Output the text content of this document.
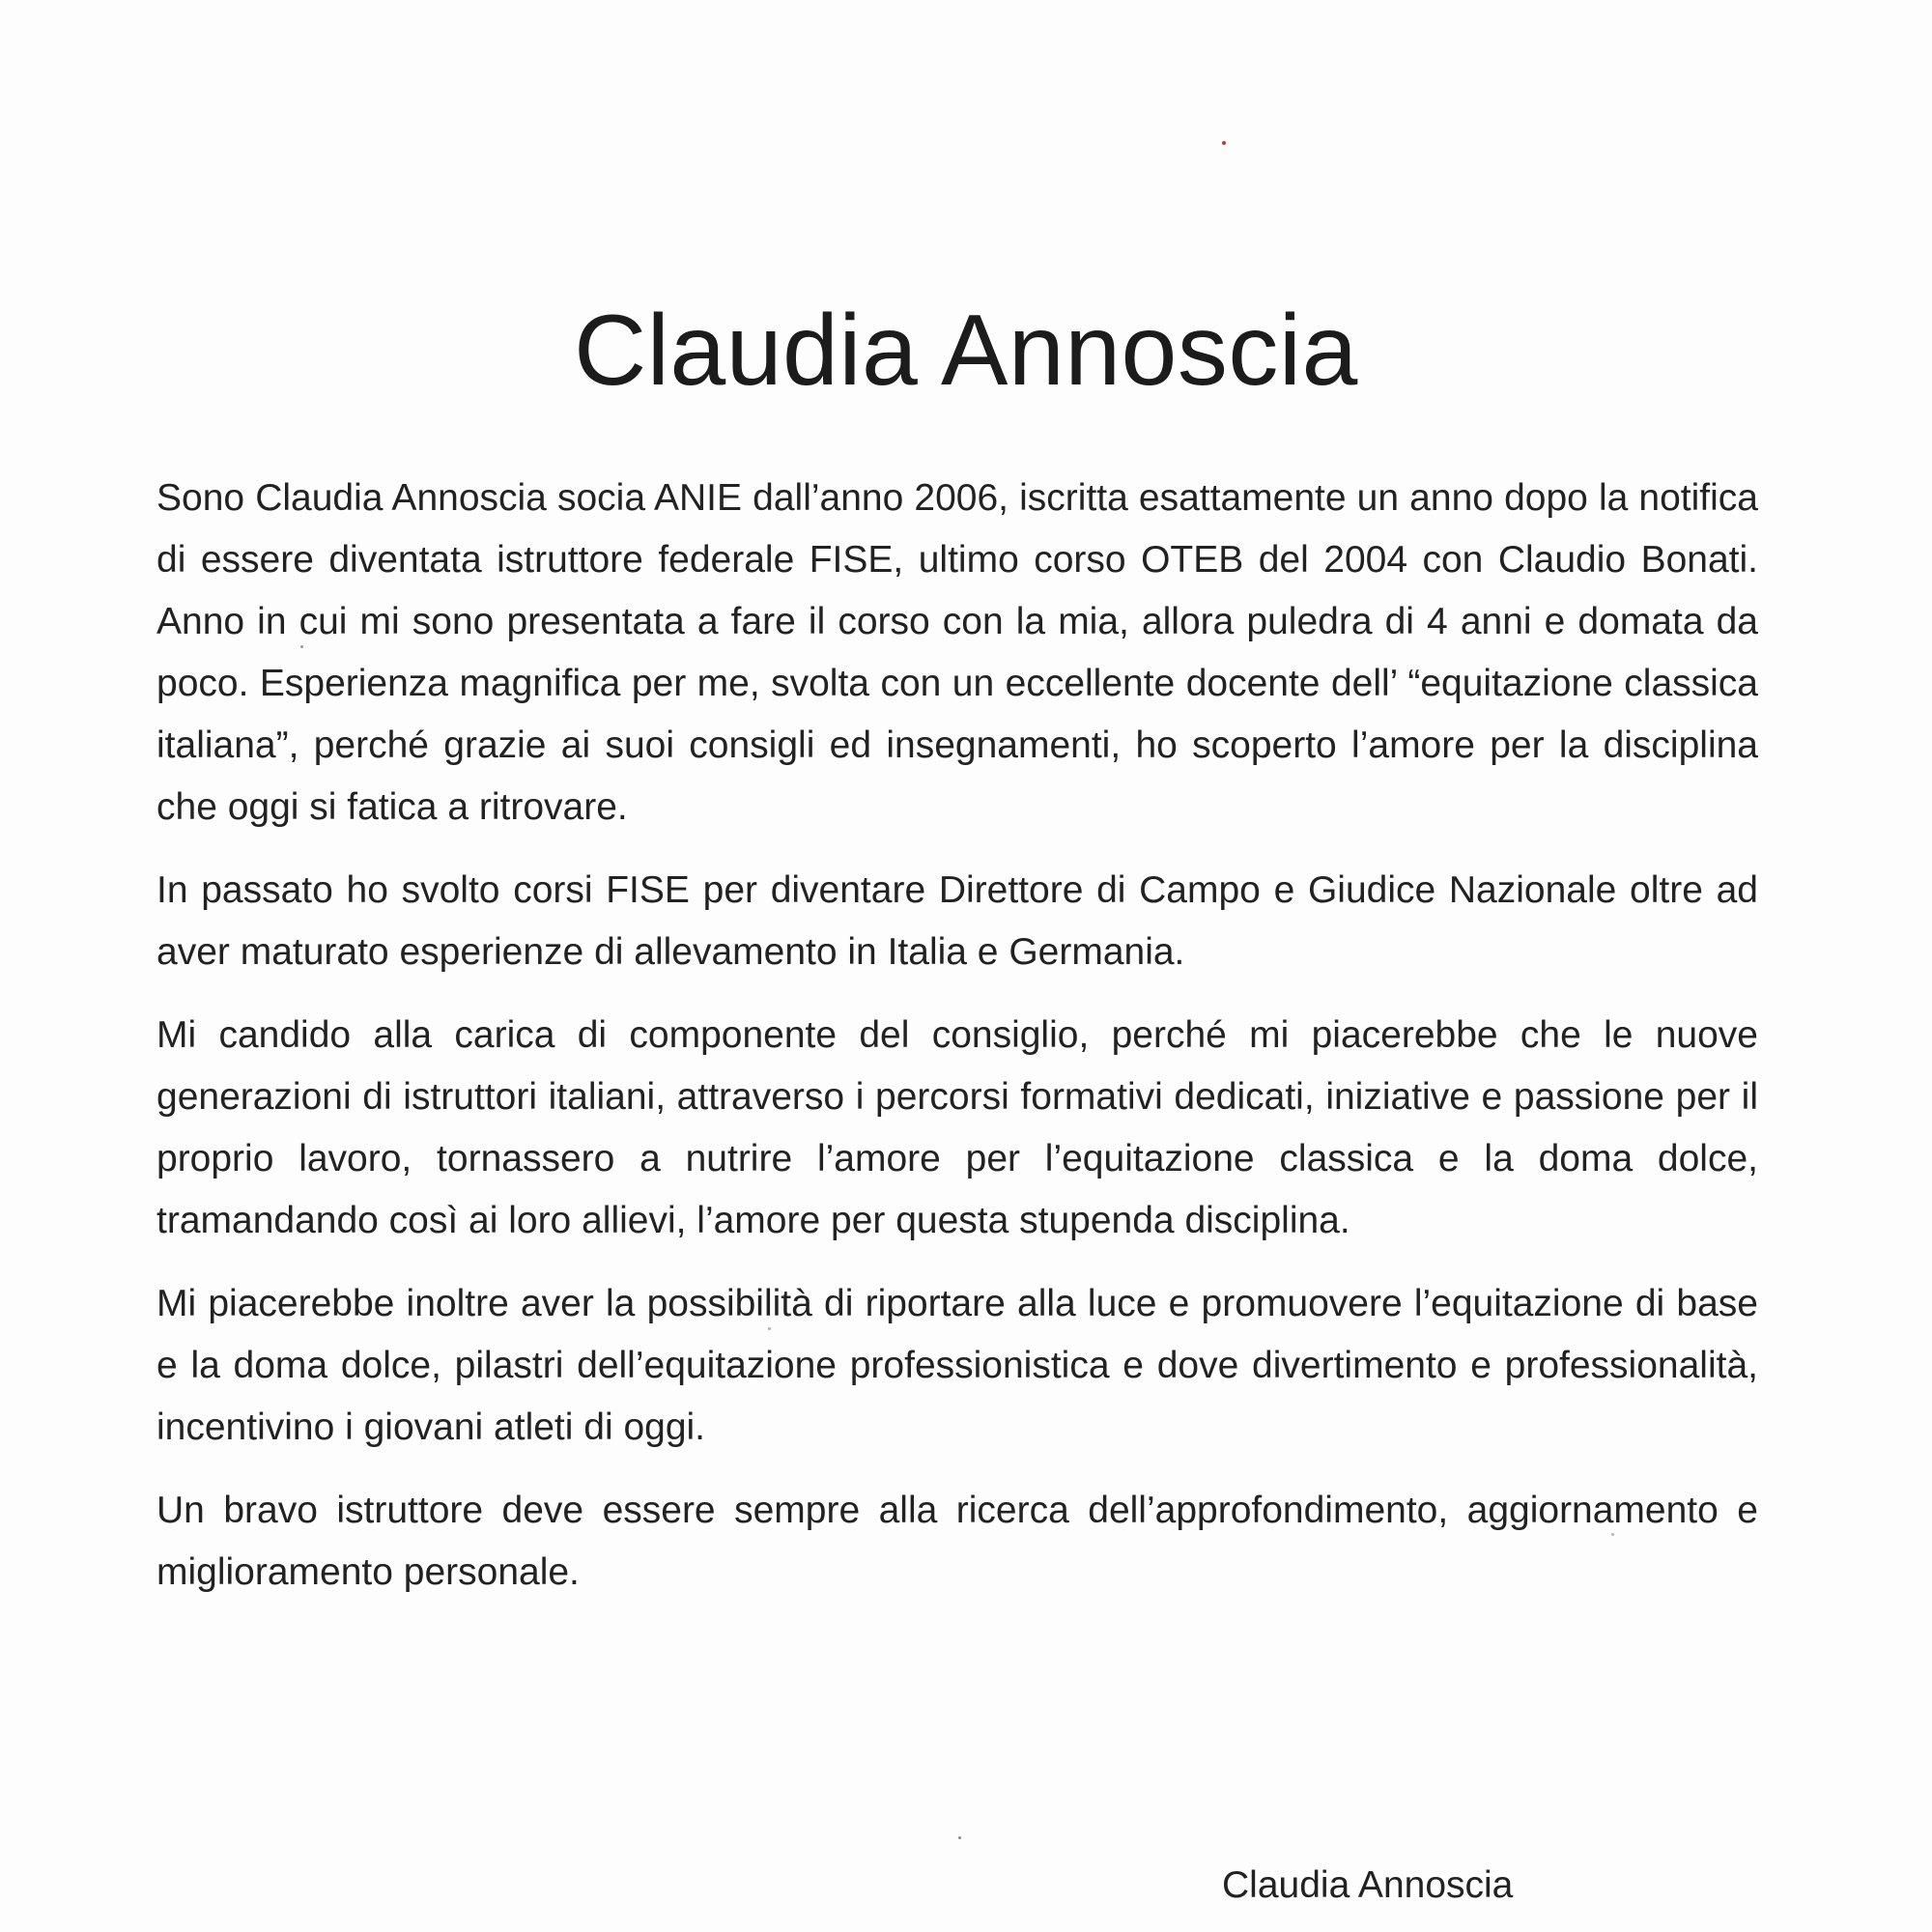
Claudia Annoscia

Sono Claudia Annoscia socia ANIE dall’anno 2006, iscritta esattamente un anno dopo la notifica di essere diventata istruttore federale FISE, ultimo corso OTEB del 2004 con Claudio Bonati. Anno in cui mi sono presentata a fare il corso con la mia, allora puledra di 4 anni e domata da poco. Esperienza magnifica per me, svolta con un eccellente docente dell’ “equitazione classica italiana”, perché grazie ai suoi consigli ed insegnamenti, ho scoperto l’amore per la disciplina che oggi si fatica a ritrovare.

In passato ho svolto corsi FISE per diventare Direttore di Campo e Giudice Nazionale oltre ad aver maturato esperienze di allevamento in Italia e Germania.

Mi candido alla carica di componente del consiglio, perché mi piacerebbe che le nuove generazioni di istruttori italiani, attraverso i percorsi formativi dedicati, iniziative e passione per il proprio lavoro, tornassero a nutrire l’amore per l’equitazione classica e la doma dolce, tramandando così ai loro allievi, l’amore per questa stupenda disciplina.

Mi piacerebbe inoltre aver la possibilità di riportare alla luce e promuovere l’equitazione di base e la doma dolce, pilastri dell’equitazione professionistica e dove divertimento e professionalità, incentivino i giovani atleti di oggi.

Un bravo istruttore deve essere sempre alla ricerca dell’approfondimento, aggiornamento e miglioramento personale.

Claudia Annoscia
